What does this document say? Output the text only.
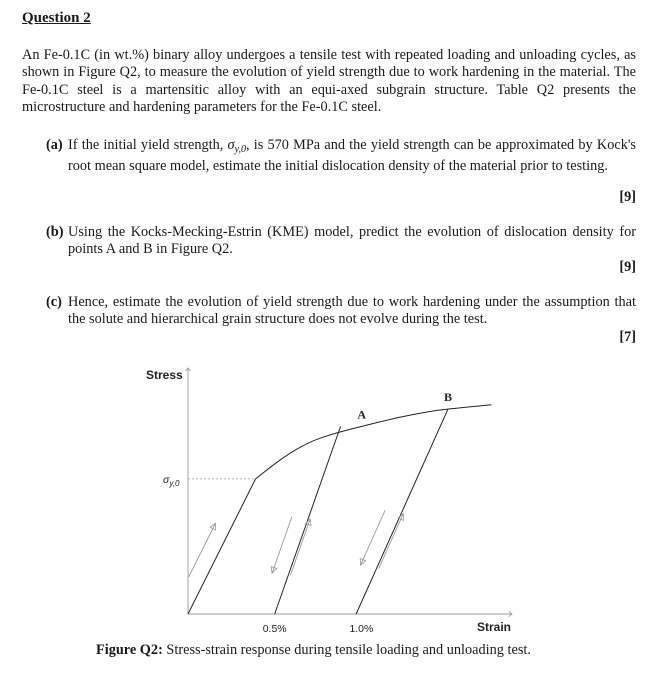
Question 2
An Fe-0.1C (in wt.%) binary alloy undergoes a tensile test with repeated loading and unloading cycles, as shown in Figure Q2, to measure the evolution of yield strength due to work hardening in the material. The Fe-0.1C steel is a martensitic alloy with an equi-axed subgrain structure. Table Q2 presents the microstructure and hardening parameters for the Fe-0.1C steel.
(a) If the initial yield strength, $\sigma_{y,0}$, is 570 MPa and the yield strength can be approximated by Kock's root mean square model, estimate the initial dislocation density of the material prior to testing.
[9]
(b) Using the Kocks-Mecking-Estrin (KME) model, predict the evolution of dislocation density for points A and B in Figure Q2.
[9]
(c) Hence, estimate the evolution of yield strength due to work hardening under the assumption that the solute and hierarchical grain structure does not evolve during the test.
[7]
Stress
Strain
0.5%	1.0%
$\sigma_{y,0}$
A
B
Figure Q2: Stress-strain response during tensile loading and unloading test.
